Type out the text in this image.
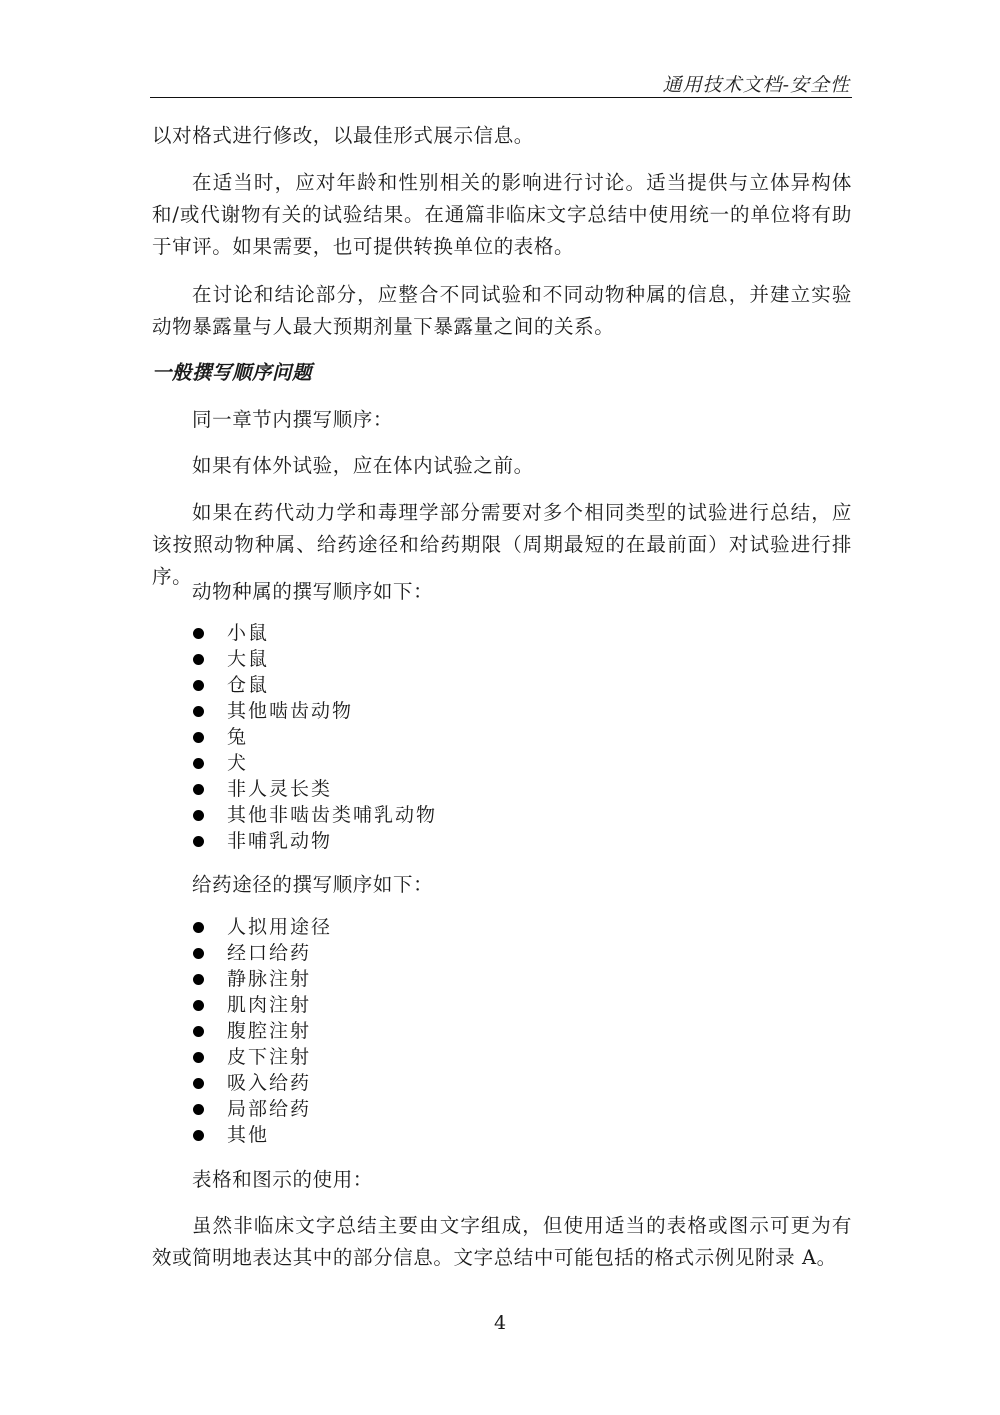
通用技术文档-安全性
以对格式进行修改，以最佳形式展示信息。
在适当时，应对年龄和性别相关的影响进行讨论。适当提供与立体异构体和/或代谢物有关的试验结果。在通篇非临床文字总结中使用统一的单位将有助于审评。如果需要，也可提供转换单位的表格。
在讨论和结论部分，应整合不同试验和不同动物种属的信息，并建立实验动物暴露量与人最大预期剂量下暴露量之间的关系。
一般撰写顺序问题
同一章节内撰写顺序：
如果有体外试验，应在体内试验之前。
如果在药代动力学和毒理学部分需要对多个相同类型的试验进行总结，应该按照动物种属、给药途径和给药期限（周期最短的在最前面）对试验进行排序。
动物种属的撰写顺序如下：
小鼠
大鼠
仓鼠
其他啮齿动物
兔
犬
非人灵长类
其他非啮齿类哺乳动物
非哺乳动物
给药途径的撰写顺序如下：
人拟用途径
经口给药
静脉注射
肌肉注射
腹腔注射
皮下注射
吸入给药
局部给药
其他
表格和图示的使用：
虽然非临床文字总结主要由文字组成，但使用适当的表格或图示可更为有效或简明地表达其中的部分信息。文字总结中可能包括的格式示例见附录 A。
4
